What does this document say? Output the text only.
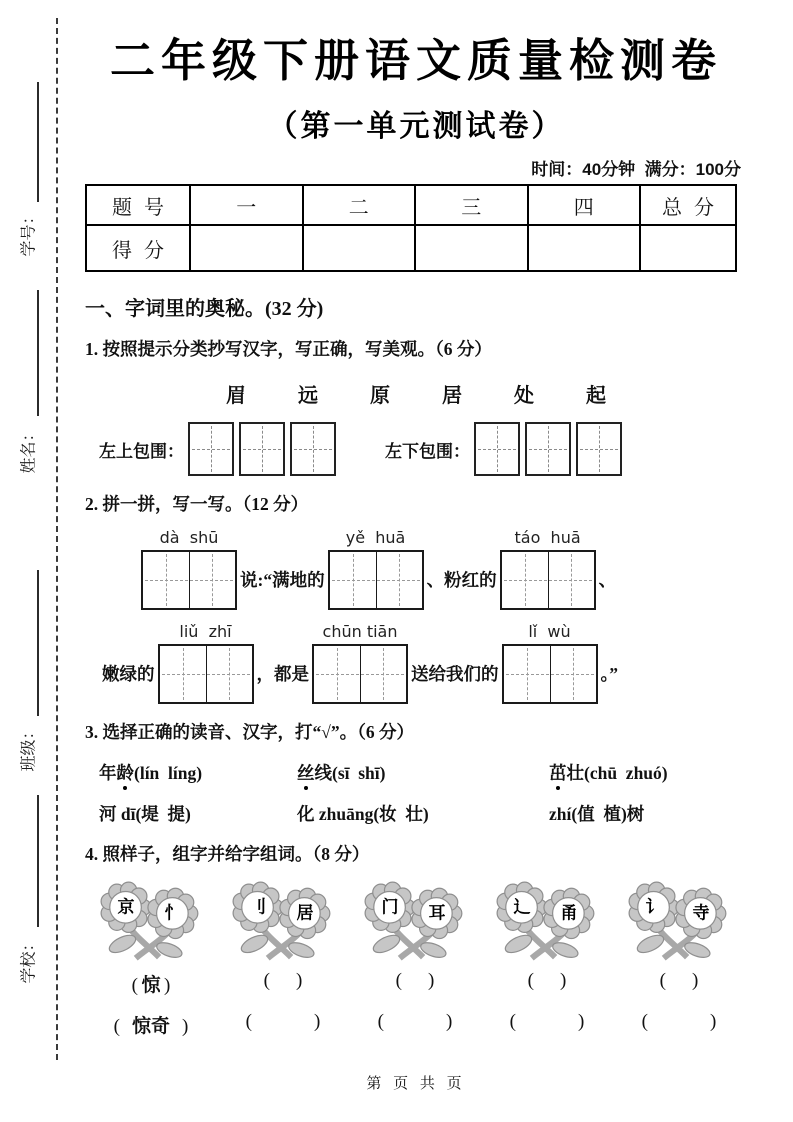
学号：
姓名：
班级：
学校：
二年级下册语文质量检测卷
（第一单元测试卷）
时间：40分钟  满分：100分
题号	一	二	三	四	总分
得分					
一、字词里的奥秘。(32 分)
1. 按照提示分类抄写汉字，写正确，写美观。（6 分）
眉	远	原	居	处	起
左上包围：	左下包围：
2. 拼一拼，写一写。（12 分）
dà  shū
说:“满地的
yě  huā
、粉红的
táo  huā
、
嫩绿的
liǔ  zhī
，都是
chūn tiān
送给我们的
lǐ  wù
。”
3. 选择正确的读音、汉字，打“√”。（6 分）
年龄(lín  líng)	丝线(sī  shī)	茁壮(chū  zhuó)
河 dī(堤  提)	化 zhuāng(妆  壮)	zhí(值  植)树
4. 照样子，组字并给字组词。（8 分）
京 忄	刂 居	门 耳	辶 甬	讠 寺
( 惊 )	( )	( )	( )	( )
( 惊奇 )	(	)	(	)	(	)	(	)
第 页 共 页
